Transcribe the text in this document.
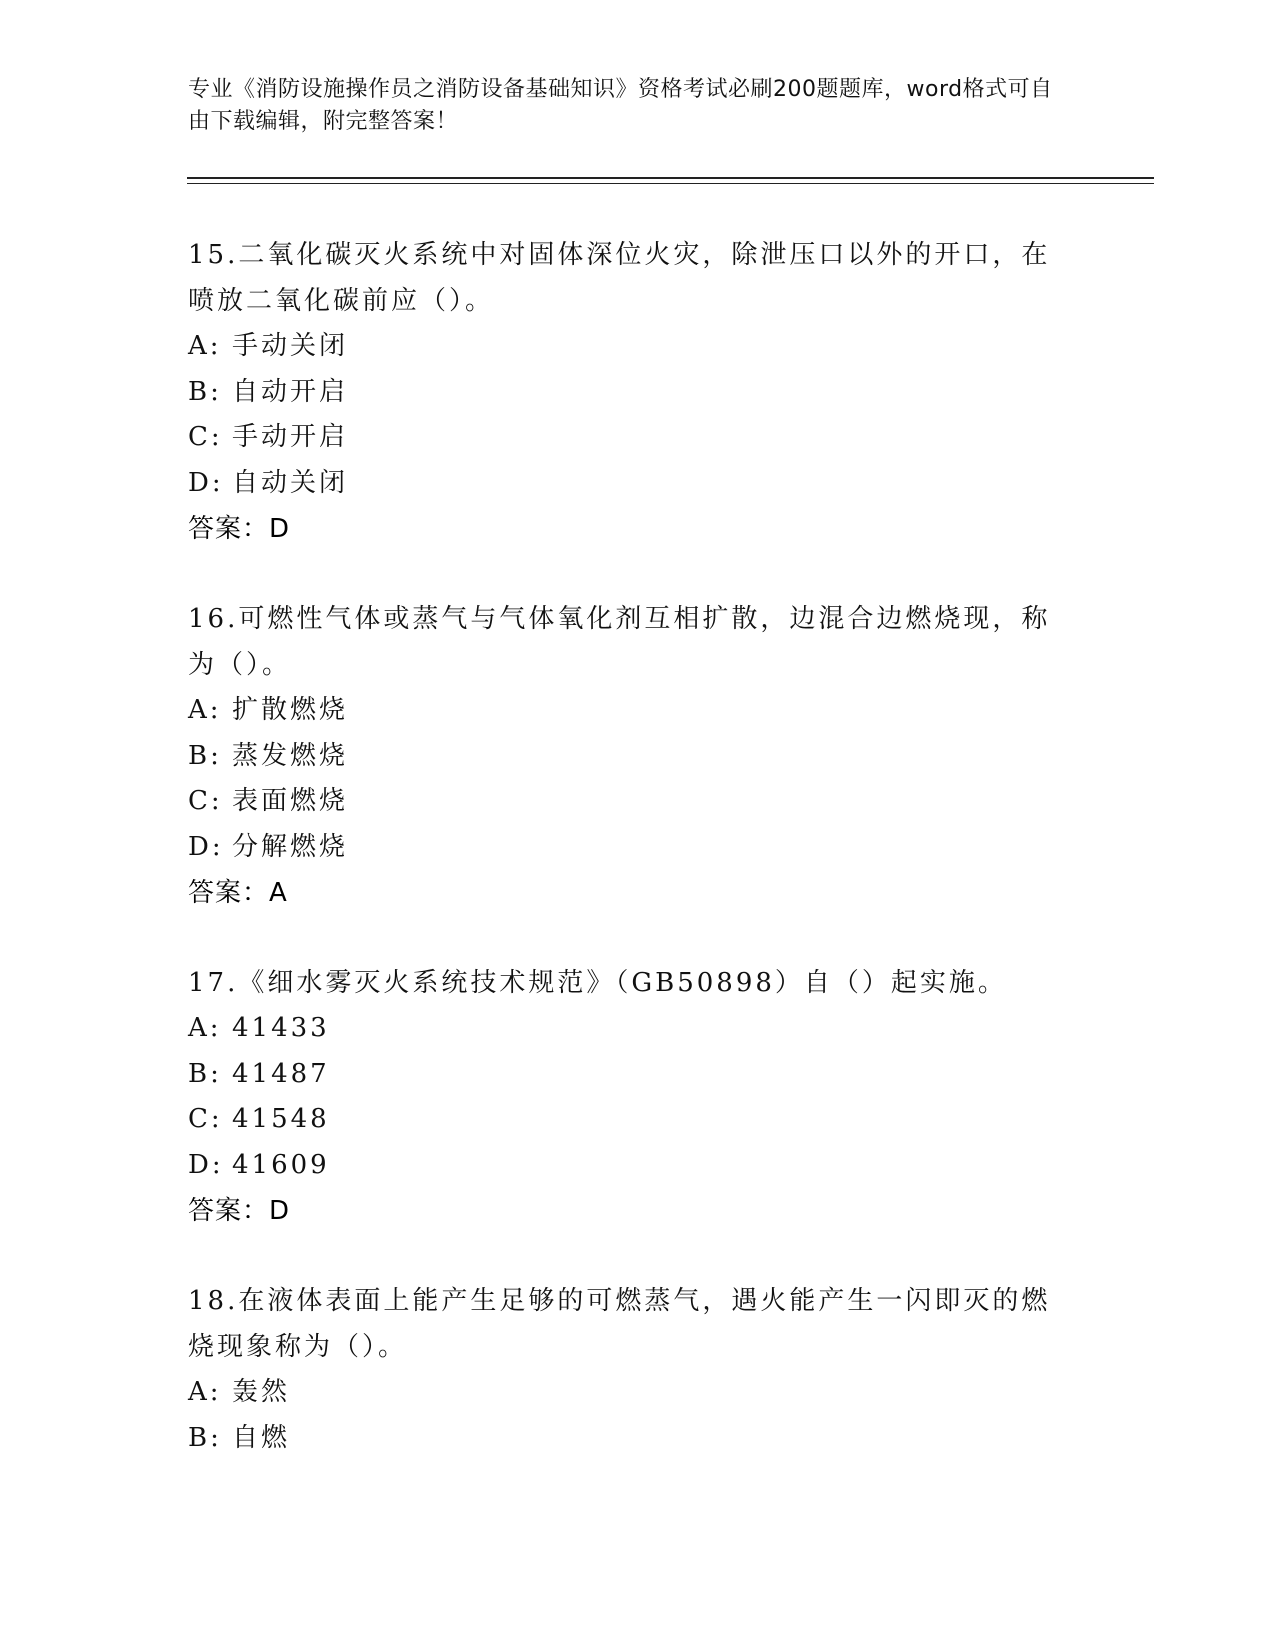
专业《消防设施操作员之消防设备基础知识》资格考试必刷200题题库，word格式可自由下载编辑，附完整答案！
15.二氧化碳灭火系统中对固体深位火灾，除泄压口以外的开口，在喷放二氧化碳前应（）。
A: 手动关闭
B: 自动开启
C: 手动开启
D: 自动关闭
答案：D
16.可燃性气体或蒸气与气体氧化剂互相扩散，边混合边燃烧现，称为（）。
A: 扩散燃烧
B: 蒸发燃烧
C: 表面燃烧
D: 分解燃烧
答案：A
17.《细水雾灭火系统技术规范》（GB50898）自（）起实施。
A: 41433
B: 41487
C: 41548
D: 41609
答案：D
18.在液体表面上能产生足够的可燃蒸气，遇火能产生一闪即灭的燃烧现象称为（）。
A: 轰然
B: 自燃
